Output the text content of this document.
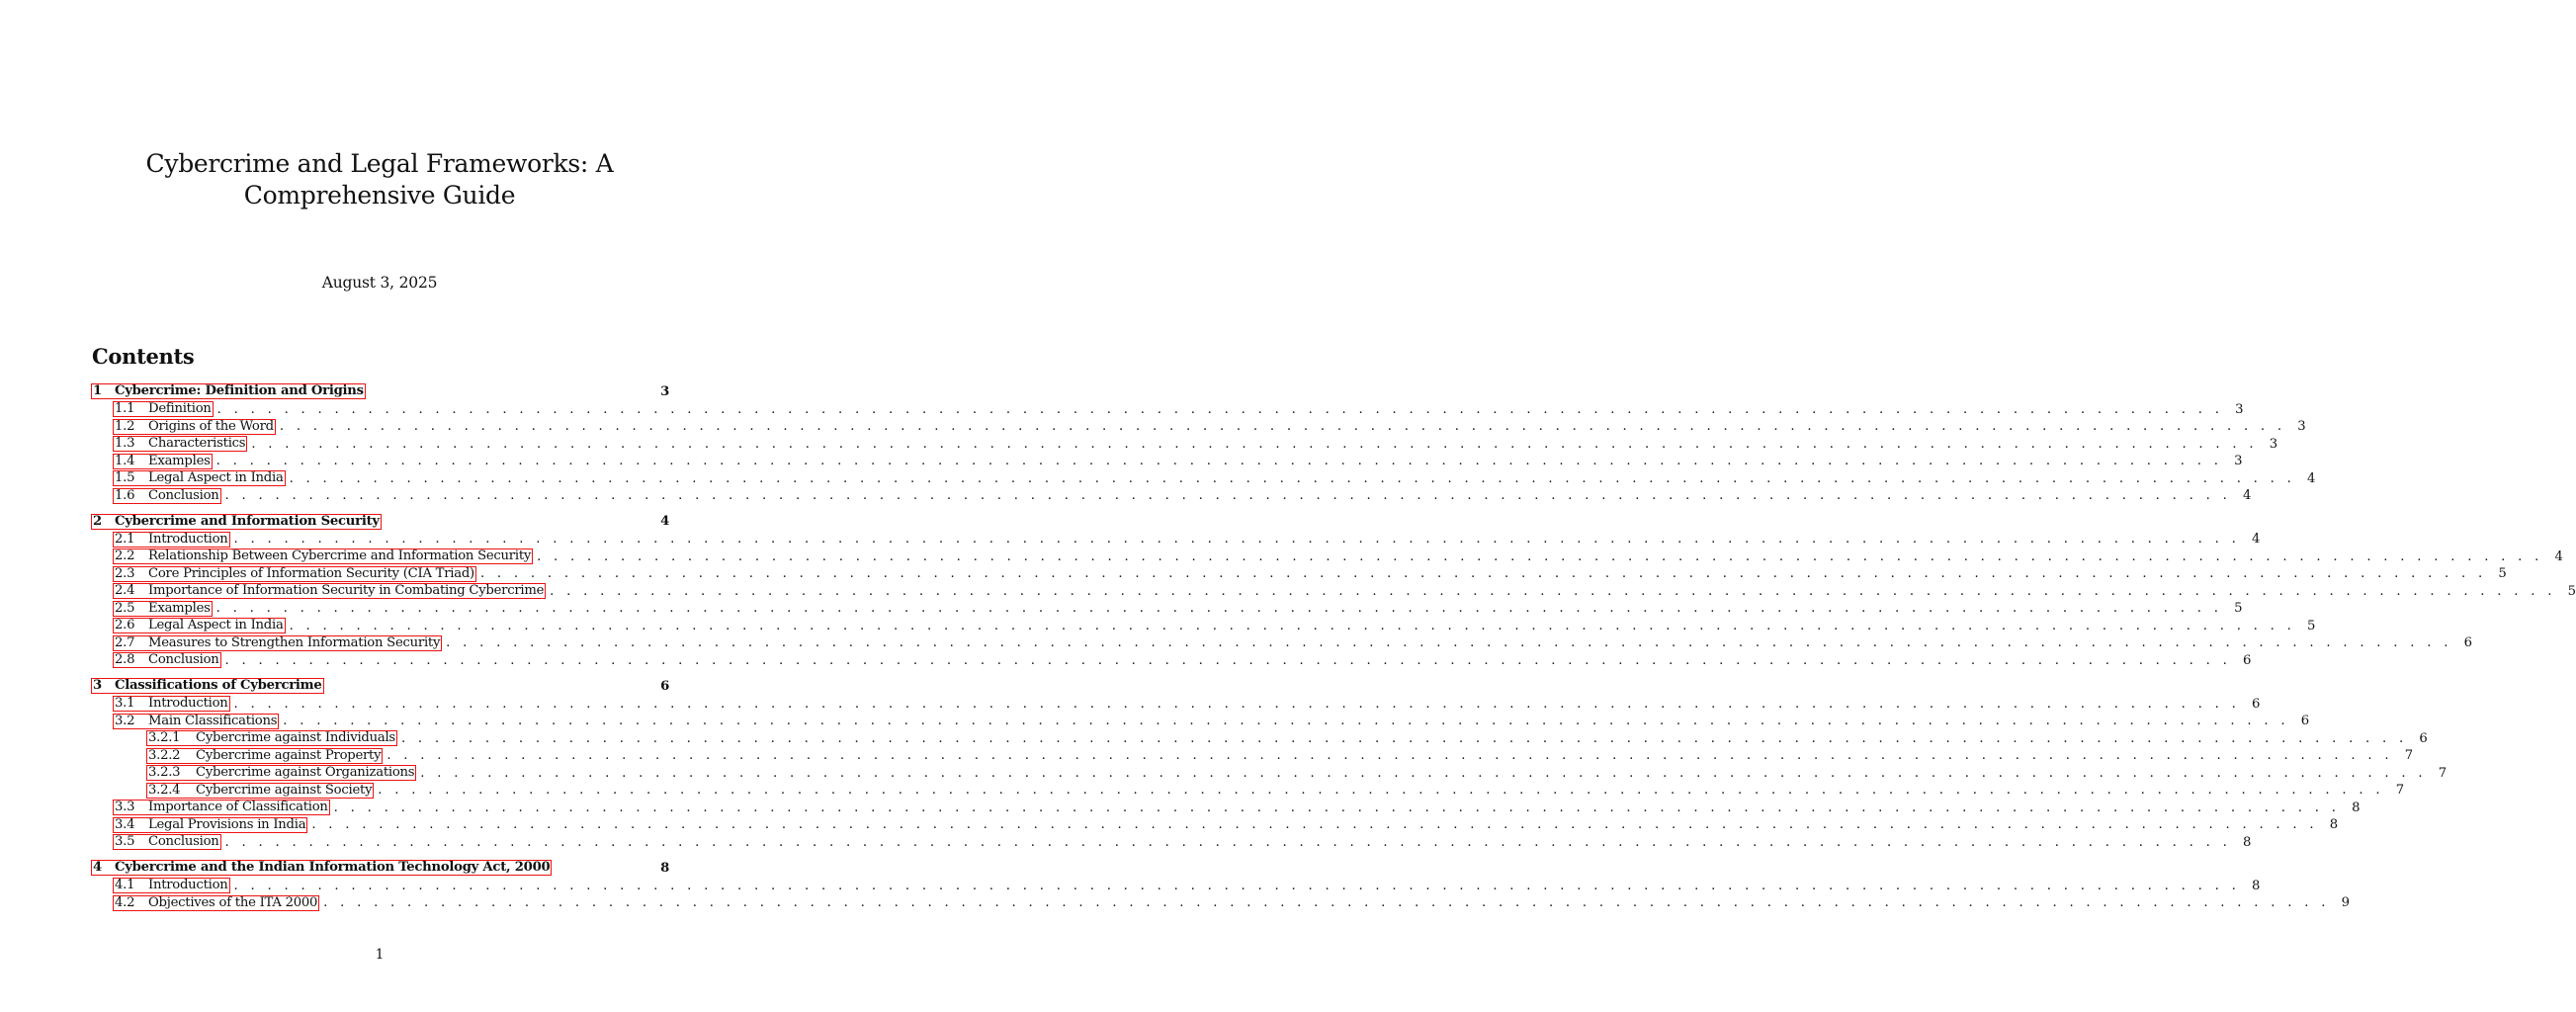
Cybercrime and Legal Frameworks: A Comprehensive Guide
August 3, 2025
Contents
1 Cybercrime: Definition and Origins	3
1.1	Definition . . . . . . . . . . . . . . . . . . . . . . . . . . . . . . . . . . . . . . . . . . . . . . . . . . . . . . . . . . . . . . . . . . . . . . . . . . . . . . . . . . . . . . . . . . . . . . . . . . . . . . . . . . . . . . . . . . . . . . . . 3
1.2	Origins of the Word . . . . . . . . . . . . . . . . . . . . . . . . . . . . . . . . . . . . . . . . . . . . . . . . . . . . . . . . . . . . . . . . . . . . . . . . . . . . . . . . . . . . . . . . . . . . . . . . . . . . . . . . . . . . . . . . . . . . . . . . 3
1.3	Characteristics . . . . . . . . . . . . . . . . . . . . . . . . . . . . . . . . . . . . . . . . . . . . . . . . . . . . . . . . . . . . . . . . . . . . . . . . . . . . . . . . . . . . . . . . . . . . . . . . . . . . . . . . . . . . . . . . . . . . . . . . 3
1.4	Examples . . . . . . . . . . . . . . . . . . . . . . . . . . . . . . . . . . . . . . . . . . . . . . . . . . . . . . . . . . . . . . . . . . . . . . . . . . . . . . . . . . . . . . . . . . . . . . . . . . . . . . . . . . . . . . . . . . . . . . . . 3
1.5	Legal Aspect in India . . . . . . . . . . . . . . . . . . . . . . . . . . . . . . . . . . . . . . . . . . . . . . . . . . . . . . . . . . . . . . . . . . . . . . . . . . . . . . . . . . . . . . . . . . . . . . . . . . . . . . . . . . . . . . . . . . . . . . . . 4
1.6	Conclusion . . . . . . . . . . . . . . . . . . . . . . . . . . . . . . . . . . . . . . . . . . . . . . . . . . . . . . . . . . . . . . . . . . . . . . . . . . . . . . . . . . . . . . . . . . . . . . . . . . . . . . . . . . . . . . . . . . . . . . . . 4
2 Cybercrime and Information Security	4
2.1	Introduction . . . . . . . . . . . . . . . . . . . . . . . . . . . . . . . . . . . . . . . . . . . . . . . . . . . . . . . . . . . . . . . . . . . . . . . . . . . . . . . . . . . . . . . . . . . . . . . . . . . . . . . . . . . . . . . . . . . . . . . . 4
2.2	Relationship Between Cybercrime and Information Security . . . . . . . . . . . . . . . . . . . . . . . . . . . . . . . . . . . . . . . . . . . . . . . . . . . . . . . . . . . . . . . . . . . . . . . . . . . . . . . . . . . . . . . . . . . . . . . . . . . . . . . . . . . . . . . . . . . . . . . . 4
2.3	Core Principles of Information Security (CIA Triad) . . . . . . . . . . . . . . . . . . . . . . . . . . . . . . . . . . . . . . . . . . . . . . . . . . . . . . . . . . . . . . . . . . . . . . . . . . . . . . . . . . . . . . . . . . . . . . . . . . . . . . . . . . . . . . . . . . . . . . . . 5
2.4	Importance of Information Security in Combating Cybercrime . . . . . . . . . . . . . . . . . . . . . . . . . . . . . . . . . . . . . . . . . . . . . . . . . . . . . . . . . . . . . . . . . . . . . . . . . . . . . . . . . . . . . . . . . . . . . . . . . . . . . . . . . . . . . . . . . . . . . . . . 5
2.5	Examples . . . . . . . . . . . . . . . . . . . . . . . . . . . . . . . . . . . . . . . . . . . . . . . . . . . . . . . . . . . . . . . . . . . . . . . . . . . . . . . . . . . . . . . . . . . . . . . . . . . . . . . . . . . . . . . . . . . . . . . . 5
2.6	Legal Aspect in India . . . . . . . . . . . . . . . . . . . . . . . . . . . . . . . . . . . . . . . . . . . . . . . . . . . . . . . . . . . . . . . . . . . . . . . . . . . . . . . . . . . . . . . . . . . . . . . . . . . . . . . . . . . . . . . . . . . . . . . . 5
2.7	Measures to Strengthen Information Security . . . . . . . . . . . . . . . . . . . . . . . . . . . . . . . . . . . . . . . . . . . . . . . . . . . . . . . . . . . . . . . . . . . . . . . . . . . . . . . . . . . . . . . . . . . . . . . . . . . . . . . . . . . . . . . . . . . . . . . . 6
2.8	Conclusion . . . . . . . . . . . . . . . . . . . . . . . . . . . . . . . . . . . . . . . . . . . . . . . . . . . . . . . . . . . . . . . . . . . . . . . . . . . . . . . . . . . . . . . . . . . . . . . . . . . . . . . . . . . . . . . . . . . . . . . . 6
3 Classifications of Cybercrime	6
3.1	Introduction . . . . . . . . . . . . . . . . . . . . . . . . . . . . . . . . . . . . . . . . . . . . . . . . . . . . . . . . . . . . . . . . . . . . . . . . . . . . . . . . . . . . . . . . . . . . . . . . . . . . . . . . . . . . . . . . . . . . . . . . 6
3.2	Main Classifications . . . . . . . . . . . . . . . . . . . . . . . . . . . . . . . . . . . . . . . . . . . . . . . . . . . . . . . . . . . . . . . . . . . . . . . . . . . . . . . . . . . . . . . . . . . . . . . . . . . . . . . . . . . . . . . . . . . . . . . . 6
3.2.1	Cybercrime against Individuals . . . . . . . . . . . . . . . . . . . . . . . . . . . . . . . . . . . . . . . . . . . . . . . . . . . . . . . . . . . . . . . . . . . . . . . . . . . . . . . . . . . . . . . . . . . . . . . . . . . . . . . . . . . . . . . . . . . . . . . . 6
3.2.2	Cybercrime against Property . . . . . . . . . . . . . . . . . . . . . . . . . . . . . . . . . . . . . . . . . . . . . . . . . . . . . . . . . . . . . . . . . . . . . . . . . . . . . . . . . . . . . . . . . . . . . . . . . . . . . . . . . . . . . . . . . . . . . . . . 7
3.2.3	Cybercrime against Organizations . . . . . . . . . . . . . . . . . . . . . . . . . . . . . . . . . . . . . . . . . . . . . . . . . . . . . . . . . . . . . . . . . . . . . . . . . . . . . . . . . . . . . . . . . . . . . . . . . . . . . . . . . . . . . . . . . . . . . . . . 7
3.2.4	Cybercrime against Society . . . . . . . . . . . . . . . . . . . . . . . . . . . . . . . . . . . . . . . . . . . . . . . . . . . . . . . . . . . . . . . . . . . . . . . . . . . . . . . . . . . . . . . . . . . . . . . . . . . . . . . . . . . . . . . . . . . . . . . . 7
3.3	Importance of Classification . . . . . . . . . . . . . . . . . . . . . . . . . . . . . . . . . . . . . . . . . . . . . . . . . . . . . . . . . . . . . . . . . . . . . . . . . . . . . . . . . . . . . . . . . . . . . . . . . . . . . . . . . . . . . . . . . . . . . . . . 8
3.4	Legal Provisions in India . . . . . . . . . . . . . . . . . . . . . . . . . . . . . . . . . . . . . . . . . . . . . . . . . . . . . . . . . . . . . . . . . . . . . . . . . . . . . . . . . . . . . . . . . . . . . . . . . . . . . . . . . . . . . . . . . . . . . . . . 8
3.5	Conclusion . . . . . . . . . . . . . . . . . . . . . . . . . . . . . . . . . . . . . . . . . . . . . . . . . . . . . . . . . . . . . . . . . . . . . . . . . . . . . . . . . . . . . . . . . . . . . . . . . . . . . . . . . . . . . . . . . . . . . . . . 8
4 Cybercrime and the Indian Information Technology Act, 2000	8
4.1	Introduction . . . . . . . . . . . . . . . . . . . . . . . . . . . . . . . . . . . . . . . . . . . . . . . . . . . . . . . . . . . . . . . . . . . . . . . . . . . . . . . . . . . . . . . . . . . . . . . . . . . . . . . . . . . . . . . . . . . . . . . . 8
4.2	Objectives of the ITA 2000 . . . . . . . . . . . . . . . . . . . . . . . . . . . . . . . . . . . . . . . . . . . . . . . . . . . . . . . . . . . . . . . . . . . . . . . . . . . . . . . . . . . . . . . . . . . . . . . . . . . . . . . . . . . . . . . . . . . . . . . . 9
1
